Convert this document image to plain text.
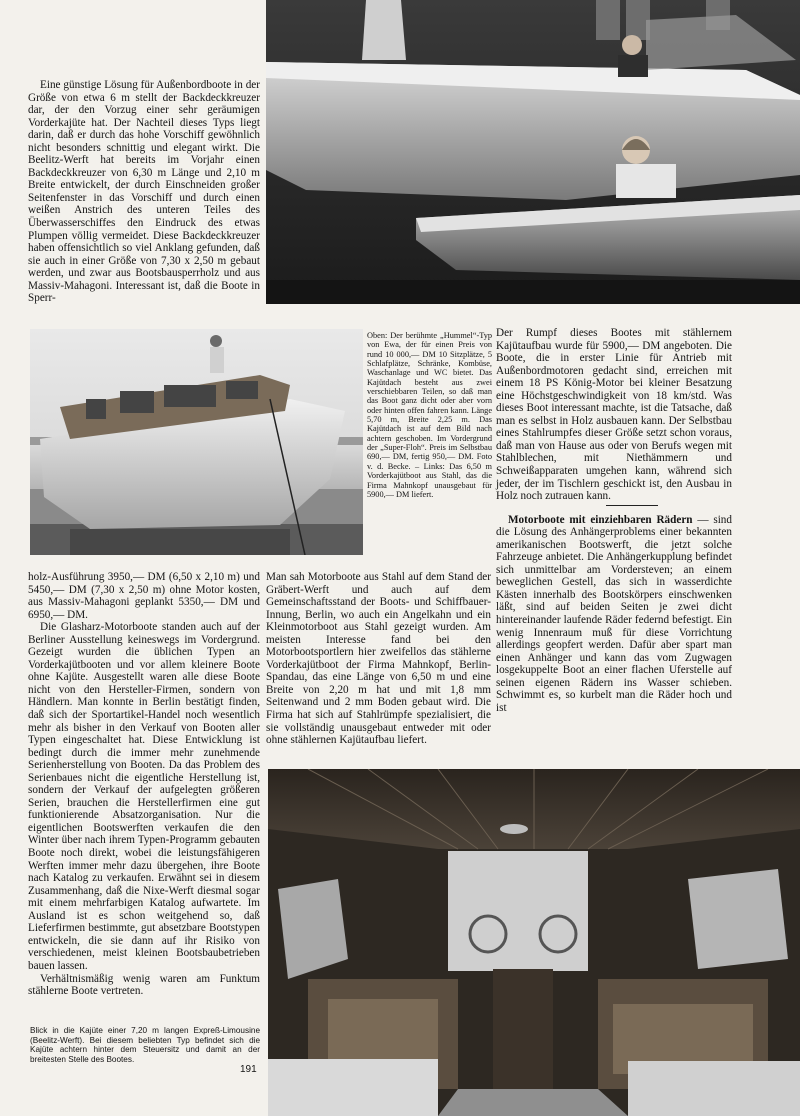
Eine günstige Lösung für Außenbordboote in der Größe von etwa 6 m stellt der Backdeckkreuzer dar, der den Vorzug einer sehr geräumigen Vorderkajüte hat. Der Nachteil dieses Typs liegt darin, daß er durch das hohe Vorschiff gewöhnlich nicht besonders schnittig und elegant wirkt. Die Beelitz-Werft hat bereits im Vorjahr einen Backdeckkreuzer von 6,30 m Länge und 2,10 m Breite entwickelt, der durch Einschneiden großer Seitenfenster in das Vorschiff und durch einen weißen Anstrich des unteren Teiles des Überwasserschiffes den Eindruck des etwas Plumpen völlig vermeidet. Diese Backdeckkreuzer haben offensichtlich so viel Anklang gefunden, daß sie auch in einer Größe von 7,30 x 2,50 m gebaut werden, und zwar aus Bootsbausperrholz und aus Massiv-Mahagoni. Interessant ist, daß die Boote in Sperr-

Oben: Der berühmte „Hummel“-Typ von Ewa, der für einen Preis von rund 10 000,— DM 10 Sitzplätze, 5 Schlafplätze, Schränke, Kombüse, Waschanlage und WC bietet. Das Kajütdach besteht aus zwei verschiebbaren Teilen, so daß man das Boot ganz dicht oder aber vorn oder hinten offen fahren kann. Länge 5,70 m, Breite 2,25 m. Das Kajütdach ist auf dem Bild nach achtern geschoben. Im Vordergrund der „Super-Floh“. Preis im Selbstbau 690,— DM, fertig 950,— DM. Foto v. d. Becke. – Links: Das 6,50 m Vorderkajütboot aus Stahl, das die Firma Mahnkopf unausgebaut für 5900,— DM liefert.

Der Rumpf dieses Bootes mit stählernem Kajütaufbau wurde für 5900,— DM angeboten. Die Boote, die in erster Linie für Antrieb mit Außenbordmotoren gedacht sind, erreichen mit einem 18 PS König-Motor bei kleiner Besatzung eine Höchstgeschwindigkeit von 18 km/std. Was dieses Boot interessant machte, ist die Tatsache, daß man es selbst in Holz ausbauen kann. Der Selbstbau eines Stahlrumpfes dieser Größe setzt schon voraus, daß man von Hause aus oder von Berufs wegen mit Stahlblechen, mit Niethämmern und Schweißapparaten umgehen kann, während sich jeder, der im Tischlern geschickt ist, den Ausbau in Holz noch zutrauen kann.

Motorboote mit einziehbaren Rädern — sind die Lösung des Anhängerproblems einer bekannten amerikanischen Bootswerft, die jetzt solche Fahrzeuge anbietet. Die Anhängerkupplung befindet sich unmittelbar am Vordersteven; an einem beweglichen Gestell, das sich in wasserdichte Kästen innerhalb des Bootskörpers einschwenken läßt, sind auf beiden Seiten je zwei dicht hintereinander laufende Räder federnd befestigt. Ein wenig Innenraum muß für diese Vorrichtung allerdings geopfert werden. Dafür aber spart man einen Anhänger und kann das vom Zugwagen losgekuppelte Boot an einer flachen Uferstelle auf seinen eigenen Rädern ins Wasser schieben. Schwimmt es, so kurbelt man die Räder hoch und ist

holz-Ausführung 3950,— DM (6,50 x 2,10 m) und 5450,— DM (7,30 x 2,50 m) ohne Motor kosten, aus Massiv-Mahagoni geplankt 5350,— DM und 6950,— DM.

Die Glasharz-Motorboote standen auch auf der Berliner Ausstellung keineswegs im Vordergrund. Gezeigt wurden die üblichen Typen an Vorderkajütbooten und vor allem kleinere Boote ohne Kajüte. Ausgestellt waren alle diese Boote nicht von den Hersteller-Firmen, sondern von Händlern. Man konnte in Berlin bestätigt finden, daß sich der Sportartikel-Handel noch wesentlich mehr als bisher in den Verkauf von Booten aller Typen eingeschaltet hat. Diese Entwicklung ist bedingt durch die immer mehr zunehmende Serienherstellung von Booten. Da das Problem des Serienbaues nicht die eigentliche Herstellung ist, sondern der Verkauf der aufgelegten größeren Serien, brauchen die Herstellerfirmen eine gut funktionierende Absatzorganisation. Nur die eigentlichen Bootswerften verkaufen die den Winter über nach ihrem Typen-Programm gebauten Boote noch direkt, wobei die leistungsfähigeren Werften immer mehr dazu übergehen, ihre Boote nach Katalog zu verkaufen. Erwähnt sei in diesem Zusammenhang, daß die Nixe-Werft diesmal sogar mit einem mehrfarbigen Katalog aufwartete. Im Ausland ist es schon weitgehend so, daß Lieferfirmen bestimmte, gut absetzbare Bootstypen entwickeln, die sie dann auf ihr Risiko von verschiedenen, meist kleinen Bootsbaubetrieben bauen lassen.

Verhältnismäßig wenig waren am Funktum stählerne Boote vertreten.

Man sah Motorboote aus Stahl auf dem Stand der Gräbert-Werft und auch auf dem Gemeinschaftsstand der Boots- und Schiffbauer-Innung, Berlin, wo auch ein Angelkahn und ein Kleinmotorboot aus Stahl gezeigt wurden. Am meisten Interesse fand bei den Motorbootsportlern hier zweifellos das stählerne Vorderkajütboot der Firma Mahnkopf, Berlin-Spandau, das eine Länge von 6,50 m und eine Breite von 2,20 m hat und mit 1,8 mm Seitenwand und 2 mm Boden gebaut wird. Die Firma hat sich auf Stahlrümpfe spezialisiert, die sie vollständig unausgebaut entweder mit oder ohne stählernen Kajütaufbau liefert.

Blick in die Kajüte einer 7,20 m langen Expreß-Limousine (Beelitz-Werft). Bei diesem beliebten Typ befindet sich die Kajüte achtern hinter dem Steuersitz und damit an der breitesten Stelle des Bootes.
191
